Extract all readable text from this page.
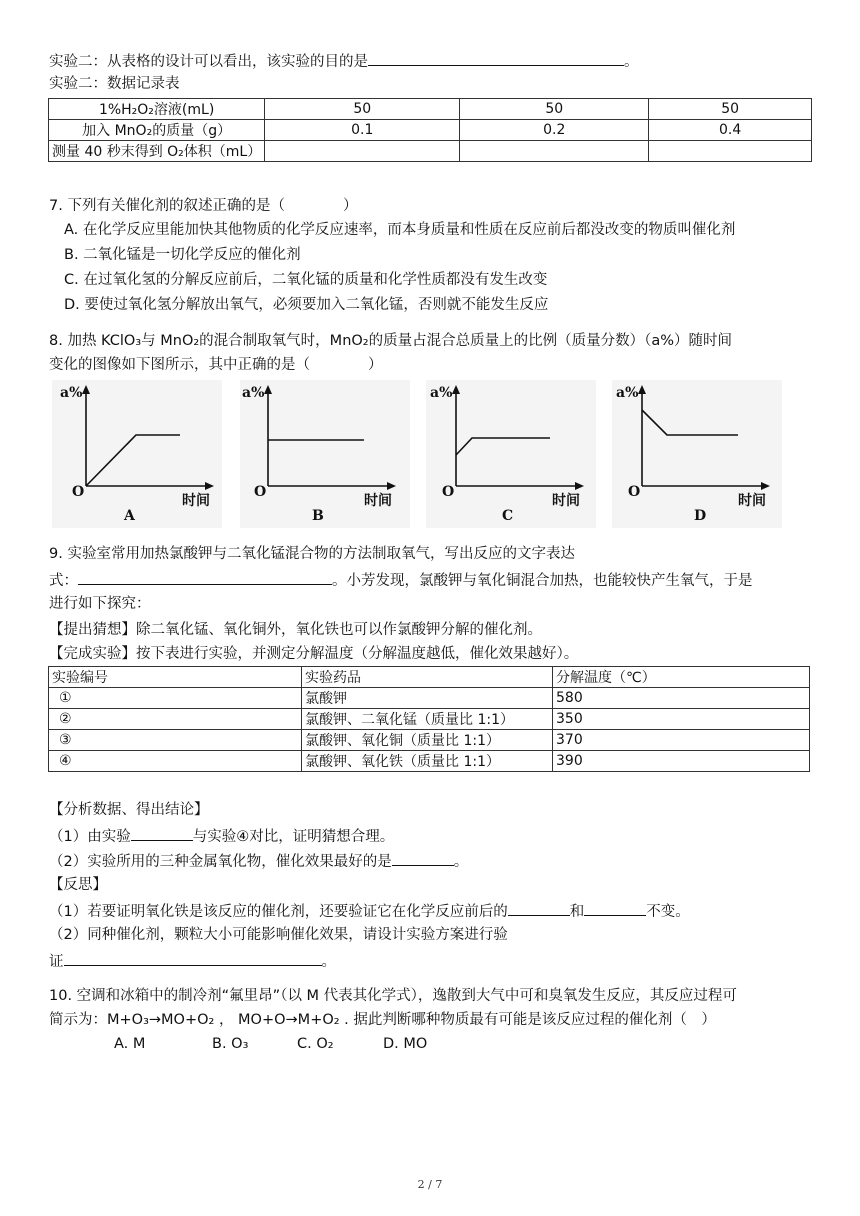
实验二：从表格的设计可以看出，该实验的目的是	。
实验二：数据记录表
1%H₂O₂溶液(mL)	50	50	50
加入 MnO₂的质量（g）	0.1	0.2	0.4
测量 40 秒末得到 O₂体积（mL）			
7. 下列有关催化剂的叙述正确的是（　　　　）
A. 在化学反应里能加快其他物质的化学反应速率，而本身质量和性质在反应前后都没改变的物质叫催化剂
B. 二氧化锰是一切化学反应的催化剂
C. 在过氧化氢的分解反应前后，二氧化锰的质量和化学性质都没有发生改变
D. 要使过氧化氢分解放出氧气，必须要加入二氧化锰，否则就不能发生反应
8. 加热 KClO₃与 MnO₂的混合制取氧气时，MnO₂的质量占混合总质量上的比例（质量分数）（a%）随时间
变化的图像如下图所示，其中正确的是（　　　　）
a%
O
时间
A
a%
O
时间
B
a%
O
时间
C
a%
O
时间
D
9. 实验室常用加热氯酸钾与二氧化锰混合物的方法制取氧气，写出反应的文字表达
式：	。小芳发现，氯酸钾与氧化铜混合加热，也能较快产生氧气，于是
进行如下探究：
【提出猜想】除二氧化锰、氧化铜外，氧化铁也可以作氯酸钾分解的催化剂。
【完成实验】按下表进行实验，并测定分解温度（分解温度越低，催化效果越好）。
实验编号	实验药品	分解温度（℃）
①	氯酸钾	580
②	氯酸钾、二氧化锰（质量比 1:1）	350
③	氯酸钾、氧化铜（质量比 1:1）	370
④	氯酸钾、氧化铁（质量比 1:1）	390
【分析数据、得出结论】
（1）由实验	与实验④对比，证明猜想合理。
（2）实验所用的三种金属氧化物，催化效果最好的是	。
【反思】
（1）若要证明氧化铁是该反应的催化剂，还要验证它在化学反应前后的	和	不变。
（2）同种催化剂，颗粒大小可能影响催化效果，请设计实验方案进行验
证	。
10. 空调和冰箱中的制冷剂“氟里昂”（以 M 代表其化学式），逸散到大气中可和臭氧发生反应，其反应过程可
简示为：M+O₃→MO+O₂ ， MO+O→M+O₂ . 据此判断哪种物质最有可能是该反应过程的催化剂（　）
A. M	B. O₃	C. O₂	D. MO
2 / 7
